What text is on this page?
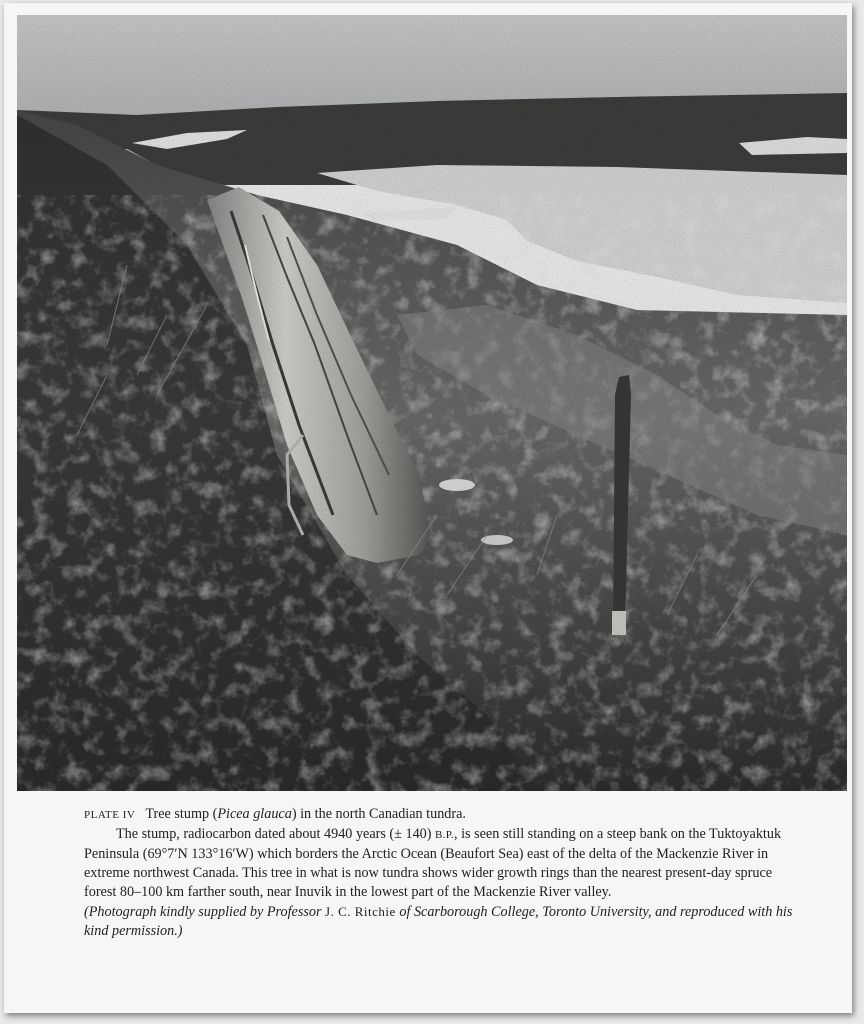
PLATE IV Tree stump (Picea glauca) in the north Canadian tundra.

The stump, radiocarbon dated about 4940 years (± 140) B.P., is seen still standing on a steep bank on the Tuktoyaktuk Peninsula (69°7′N 133°16′W) which borders the Arctic Ocean (Beaufort Sea) east of the delta of the Mackenzie River in extreme northwest Canada. This tree in what is now tundra shows wider growth rings than the nearest present-day spruce forest 80–100 km farther south, near Inuvik in the lowest part of the Mackenzie River valley.

(Photograph kindly supplied by Professor J. C. Ritchie of Scarborough College, Toronto University, and reproduced with his kind permission.)
